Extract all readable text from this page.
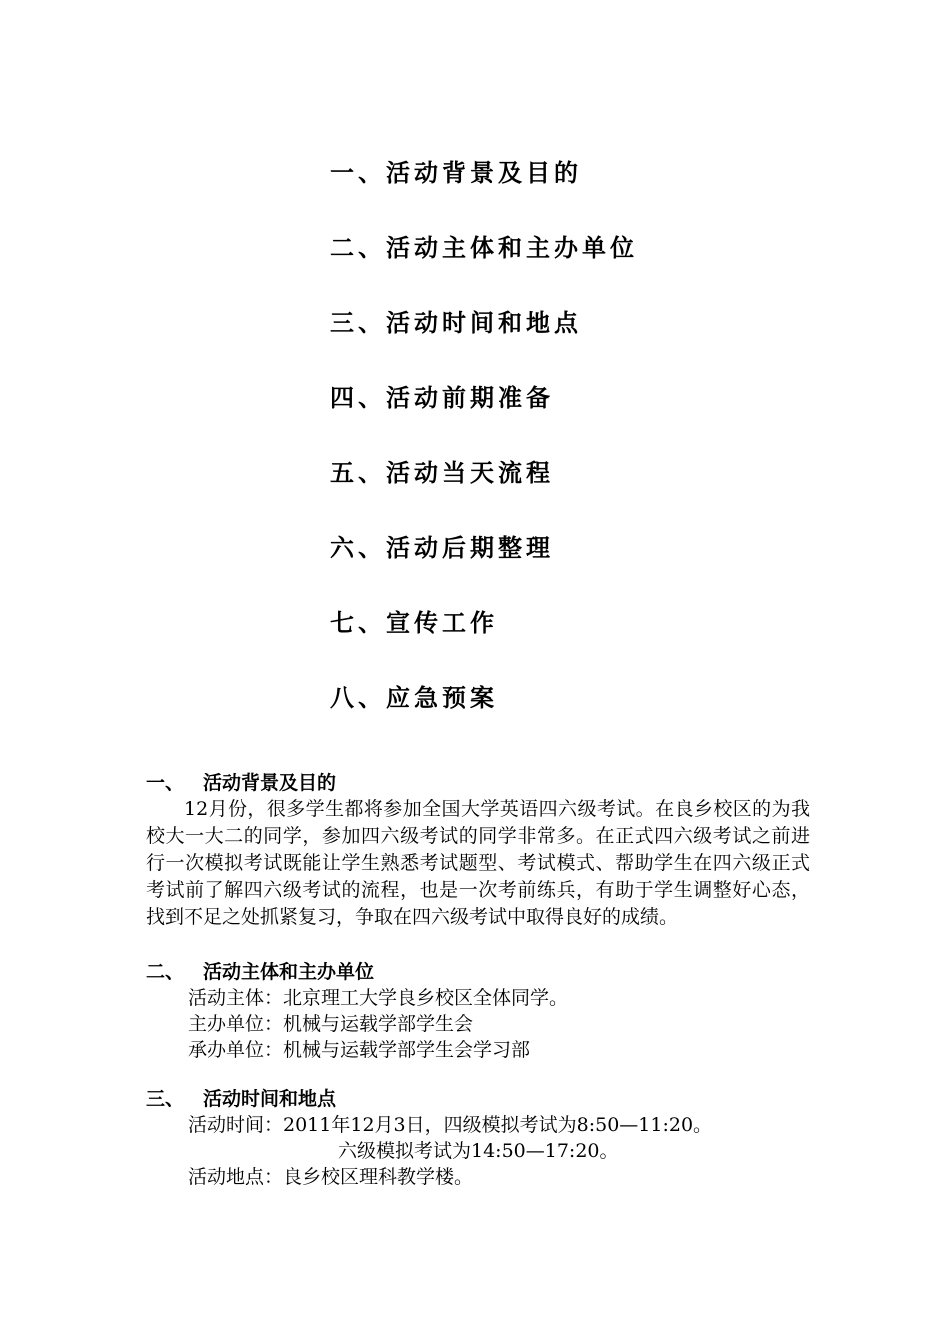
一、活动背景及目的
二、活动主体和主办单位
三、活动时间和地点
四、活动前期准备
五、活动当天流程
六、活动后期整理
七、宣传工作
八、应急预案
一、 活动背景及目的

12月份，很多学生都将参加全国大学英语四六级考试。在良乡校区的为我校大一大二的同学，参加四六级考试的同学非常多。在正式四六级考试之前进行一次模拟考试既能让学生熟悉考试题型、考试模式、帮助学生在四六级正式考试前了解四六级考试的流程，也是一次考前练兵，有助于学生调整好心态，找到不足之处抓紧复习，争取在四六级考试中取得良好的成绩。

二、 活动主体和主办单位
活动主体：北京理工大学良乡校区全体同学。
主办单位：机械与运载学部学生会
承办单位：机械与运载学部学生会学习部
三、 活动时间和地点
活动时间：2011年12月3日，四级模拟考试为8:50—11:20。
六级模拟考试为14:50—17:20。
活动地点：良乡校区理科教学楼。
